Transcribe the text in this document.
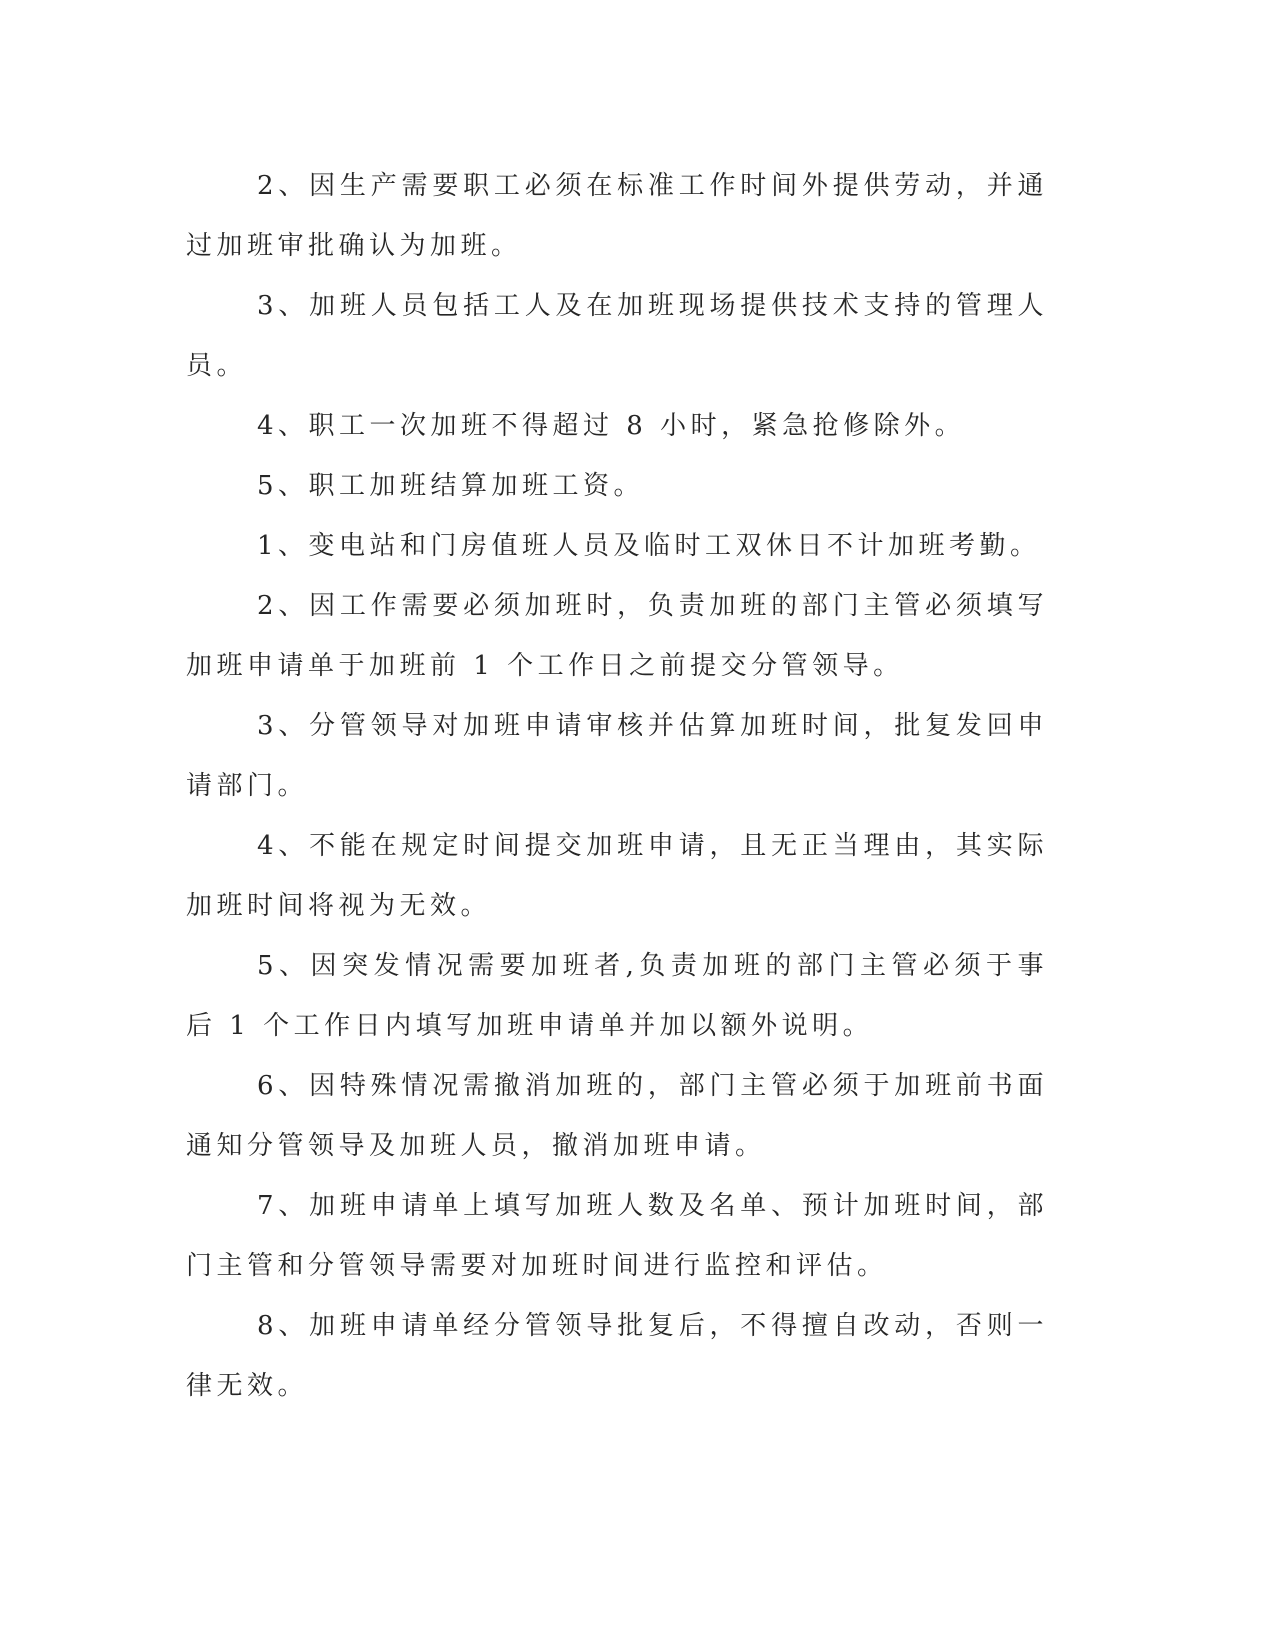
2、因生产需要职工必须在标准工作时间外提供劳动，并通过加班审批确认为加班。

3、加班人员包括工人及在加班现场提供技术支持的管理人员。

4、职工一次加班不得超过 8 小时，紧急抢修除外。

5、职工加班结算加班工资。

1、变电站和门房值班人员及临时工双休日不计加班考勤。

2、因工作需要必须加班时，负责加班的部门主管必须填写加班申请单于加班前 1 个工作日之前提交分管领导。

3、分管领导对加班申请审核并估算加班时间，批复发回申请部门。

4、不能在规定时间提交加班申请，且无正当理由，其实际加班时间将视为无效。

5、因突发情况需要加班者,负责加班的部门主管必须于事后 1 个工作日内填写加班申请单并加以额外说明。

6、因特殊情况需撤消加班的，部门主管必须于加班前书面通知分管领导及加班人员，撤消加班申请。

7、加班申请单上填写加班人数及名单、预计加班时间，部门主管和分管领导需要对加班时间进行监控和评估。

8、加班申请单经分管领导批复后，不得擅自改动，否则一律无效。
